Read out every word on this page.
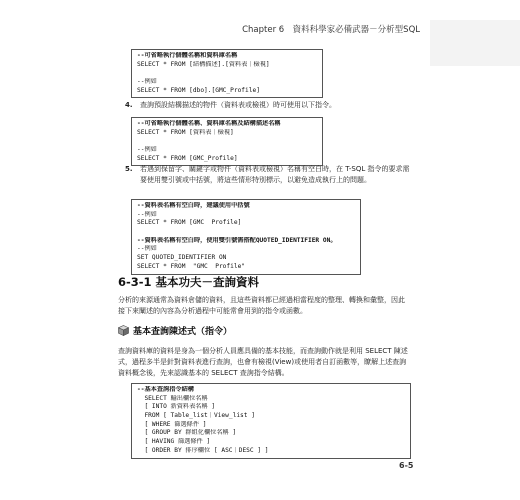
Chapter 6　資料科學家必備武器－分析型SQL
--可省略執行個體名稱和資料庫名稱
SELECT * FROM [結構描述].[資料表｜檢視]
--例如
SELECT * FROM [dbo].[GMC_Profile]
4. 查詢預設結構描述的物件（資料表或檢視）時可使用以下指令。
--可省略執行個體名稱、資料庫名稱及結構描述名稱
SELECT * FROM [資料表｜檢視]
--例如
SELECT * FROM [GMC_Profile]
5. 若遇到保留字、關鍵字或物件（資料表或檢視）名稱有空白時，在 T-SQL 指令的要求需要使用雙引號或中括號，將這些情形特別標示，以避免造成執行上的問題。
--資料表名稱有空白時，建議使用中括號
--例如
SELECT * FROM [GMC  Profile]
--資料表名稱有空白時，使用雙引號需搭配QUOTED_IDENTIFIER ON。
--例如
SET QUOTED_IDENTIFIER ON
SELECT * FROM  "GMC  Profile"
6-3-1 基本功夫－查詢資料
分析的來源通常為資料倉儲的資料，且這些資料都已經過相當程度的整理、轉換和彙整，因此接下來闡述的內容為分析過程中可能常會用到的指令或函數。
基本查詢陳述式（指令）
查詢資料庫的資料是身為一個分析人員應具備的基本技能，而查詢動作就是利用 SELECT 陳述式，過程多半是針對資料表進行查詢，也會有檢視(View)或使用者自訂函數等，瞭解上述查詢資料概念後，先來認識基本的 SELECT 查詢指令結構。
--基本查詢指令結構
SELECT 輸出欄位名稱
[ INTO 新資料表名稱 ]
FROM [ Table_list｜View_list ]
[ WHERE 篩選條件 ]
[ GROUP BY 群組化欄位名稱 ]
[ HAVING 篩選條件 ]
[ ORDER BY 排序欄位 [ ASC｜DESC ] ]
6-5
